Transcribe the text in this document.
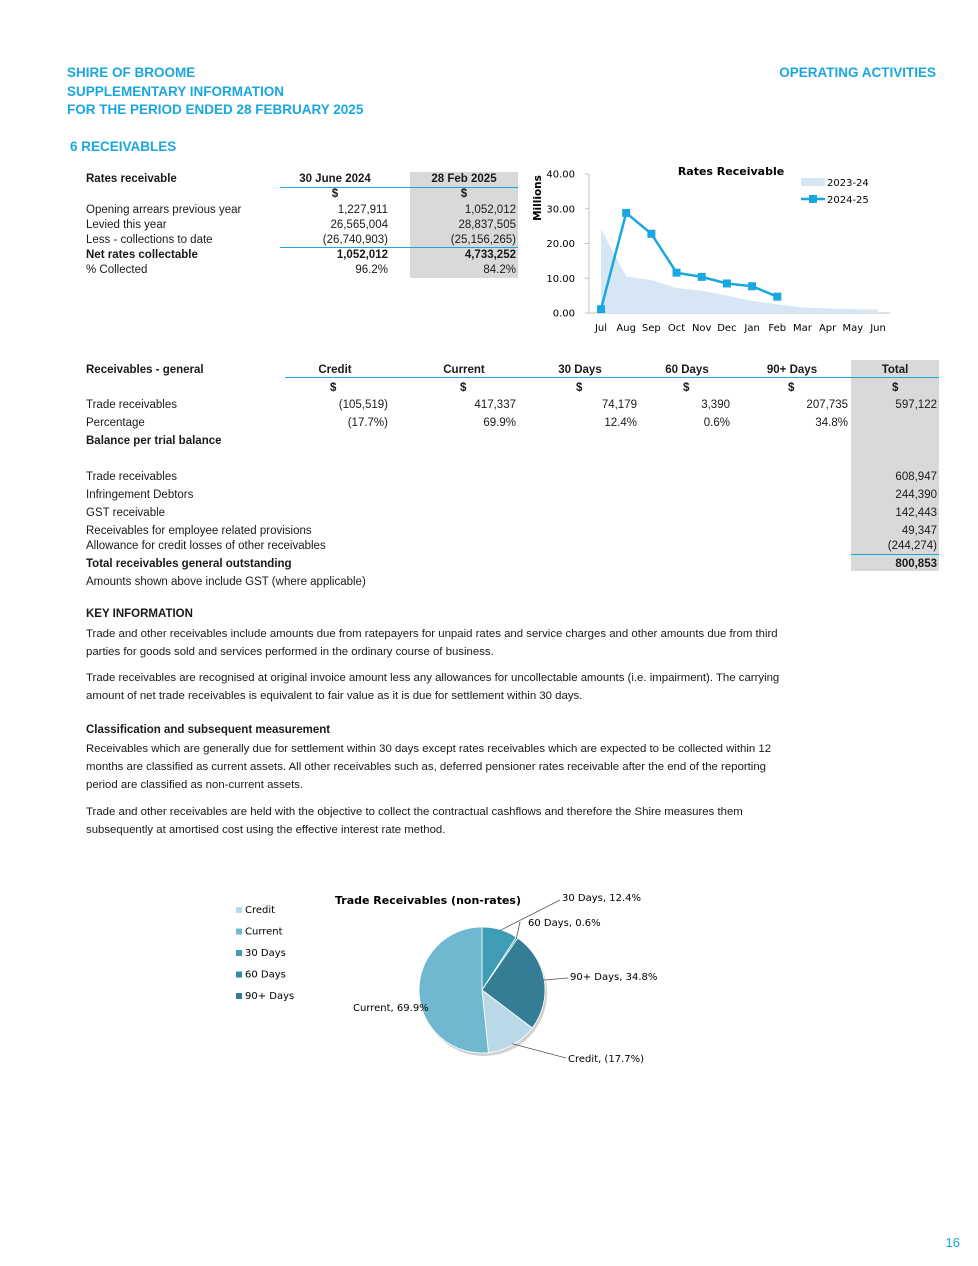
SHIRE OF BROOME
SUPPLEMENTARY INFORMATION
FOR THE PERIOD ENDED 28 FEBRUARY 2025
OPERATING ACTIVITIES
6 RECEIVABLES
Rates receivable	30 June 2024	28 Feb 2025
$	$
Opening arrears previous year	1,227,911	1,052,012
Levied this year	26,565,004	28,837,505
Less - collections to date	(26,740,903)	(25,156,265)
Net rates collectable	1,052,012	4,733,252
% Collected	96.2%	84.2%
Rates Receivable
Millions
0.00
10.00
20.00
30.00
40.00
Jul Aug Sep Oct Nov Dec Jan Feb Mar Apr May Jun
2023-24
2024-25
Receivables - general	Credit	Current	30 Days	60 Days	90+ Days	Total
$	$	$	$	$	$
Trade receivables	(105,519)	417,337	74,179	3,390	207,735	597,122
Percentage	(17.7%)	69.9%	12.4%	0.6%	34.8%
Balance per trial balance
Trade receivables	608,947
Infringement Debtors	244,390
GST receivable	142,443
Receivables for employee related provisions	49,347
Allowance for credit losses of other receivables	(244,274)
Total receivables general outstanding	800,853
Amounts shown above include GST (where applicable)
KEY INFORMATION
Trade and other receivables include amounts due from ratepayers for unpaid rates and service charges and other amounts due from third parties for goods sold and services performed in the ordinary course of business.
Trade receivables are recognised at original invoice amount less any allowances for uncollectable amounts (i.e. impairment). The carrying amount of net trade receivables is equivalent to fair value as it is due for settlement within 30 days.
Classification and subsequent measurement
Receivables which are generally due for settlement within 30 days except rates receivables which are expected to be collected within 12 months are classified as current assets. All other receivables such as, deferred pensioner rates receivable after the end of the reporting period are classified as non-current assets.
Trade and other receivables are held with the objective to collect the contractual cashflows and therefore the Shire measures them subsequently at amortised cost using the effective interest rate method.
Trade Receivables (non-rates)
Credit
Current
30 Days
60 Days
90+ Days
30 Days, 12.4%
60 Days, 0.6%
90+ Days, 34.8%
Credit, (17.7%)
Current, 69.9%
16
